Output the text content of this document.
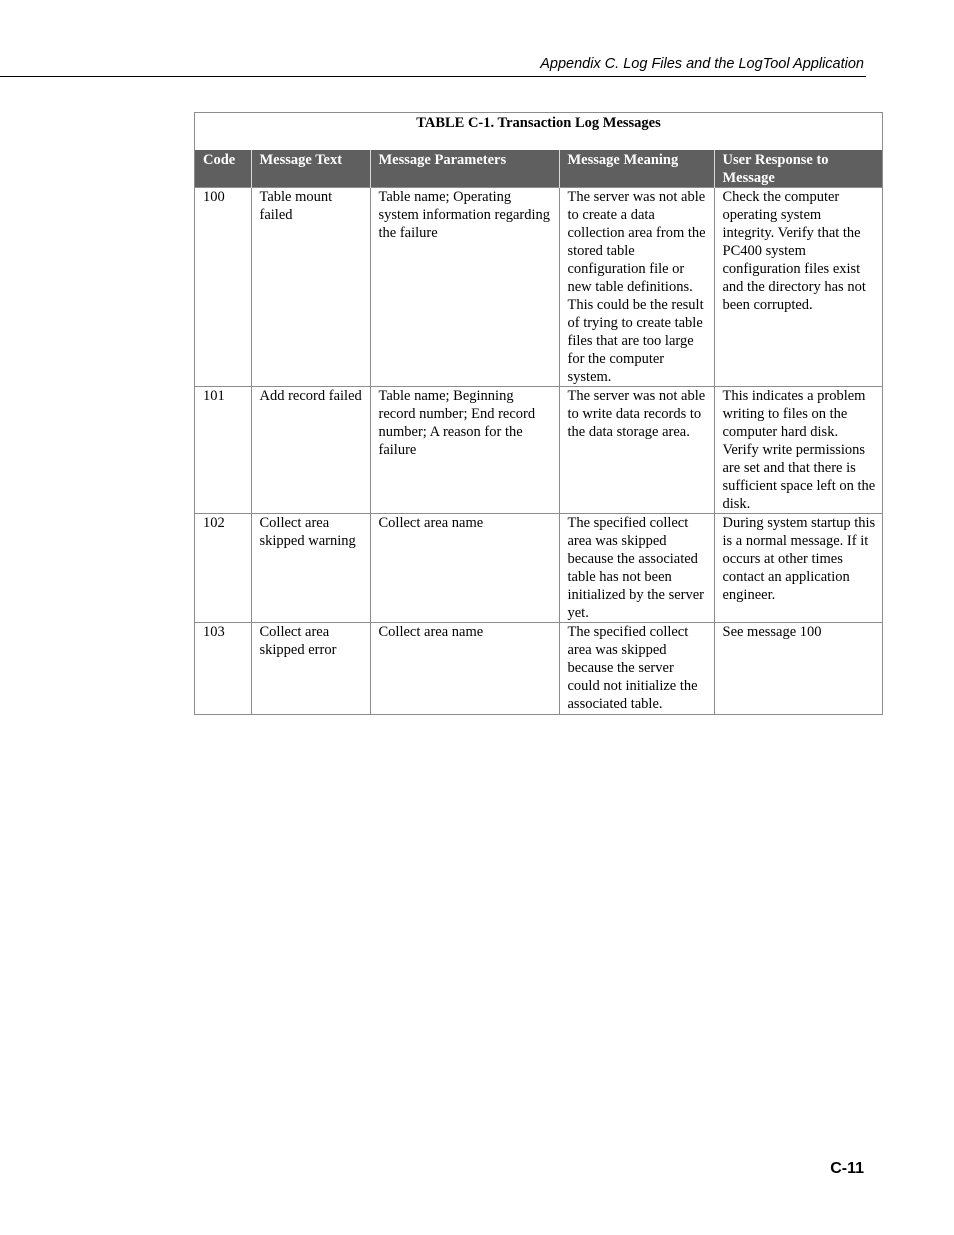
Appendix C. Log Files and the LogTool Application
TABLE C-1. Transaction Log Messages
Code	Message Text	Message Parameters	Message Meaning	User Response to Message
100	Table mount failed	Table name; Operating system information regarding the failure	The server was not able to create a data collection area from the stored table configuration file or new table definitions. This could be the result of trying to create table files that are too large for the computer system.	Check the computer operating system integrity. Verify that the PC400 system configuration files exist and the directory has not been corrupted.
101	Add record failed	Table name; Beginning record number; End record number; A reason for the failure	The server was not able to write data records to the data storage area.	This indicates a problem writing to files on the computer hard disk. Verify write permissions are set and that there is sufficient space left on the disk.
102	Collect area skipped warning	Collect area name	The specified collect area was skipped because the associated table has not been initialized by the server yet.	During system startup this is a normal message. If it occurs at other times contact an application engineer.
103	Collect area skipped error	Collect area name	The specified collect area was skipped because the server could not initialize the associated table.	See message 100
C-11
